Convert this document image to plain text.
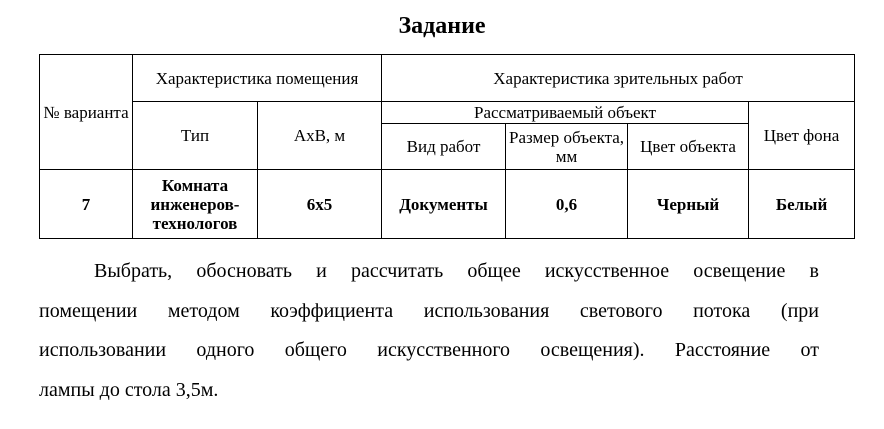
Задание
№ варианта	Характеристика помещения		Характеристика зрительных работ			
	Тип	АхВ, м	Рассматриваемый объект			Цвет фона
			Вид работ	Размер объекта, мм	Цвет объекта	
7	Комната инженеров-технологов	6х5	Документы	0,6	Черный	Белый
Выбрать, обосновать и рассчитать общее искусственное освещение в
помещении методом коэффициента использования светового потока (при
использовании одного общего искусственного освещения). Расстояние от
лампы до стола 3,5м.
